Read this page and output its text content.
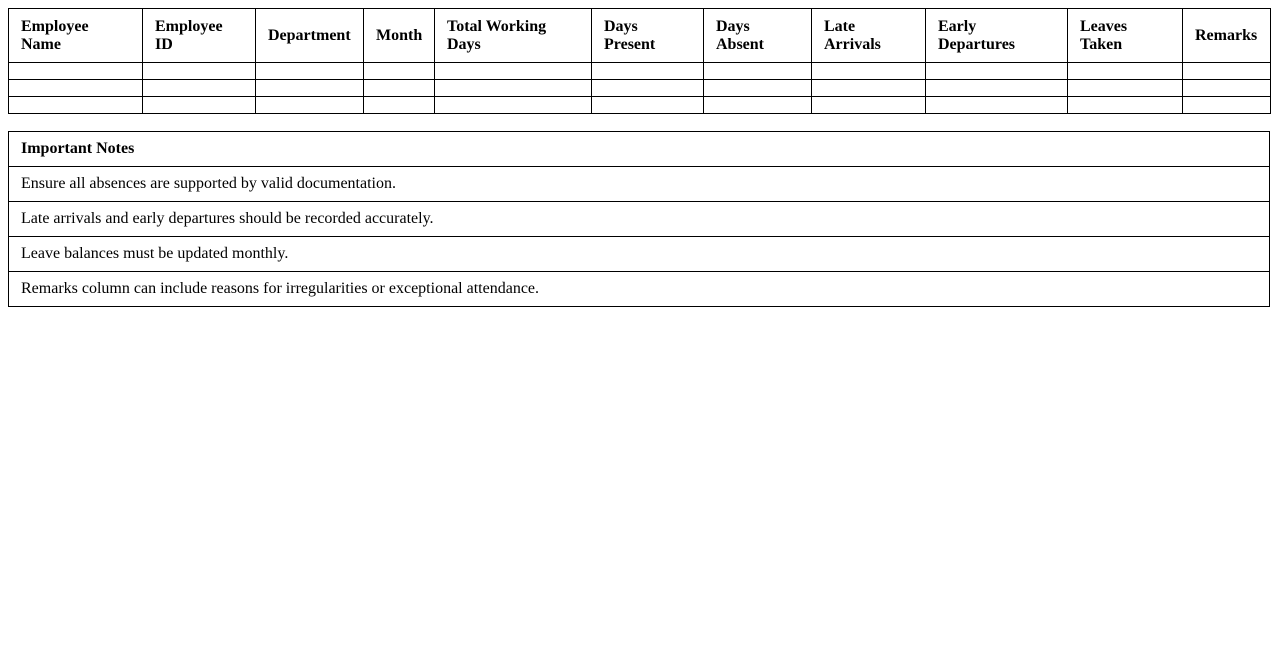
Employee Name	Employee ID	Department	Month	Total Working Days	Days Present	Days Absent	Late Arrivals	Early Departures	Leaves Taken	Remarks

Important Notes
Ensure all absences are supported by valid documentation.
Late arrivals and early departures should be recorded accurately.
Leave balances must be updated monthly.
Remarks column can include reasons for irregularities or exceptional attendance.
